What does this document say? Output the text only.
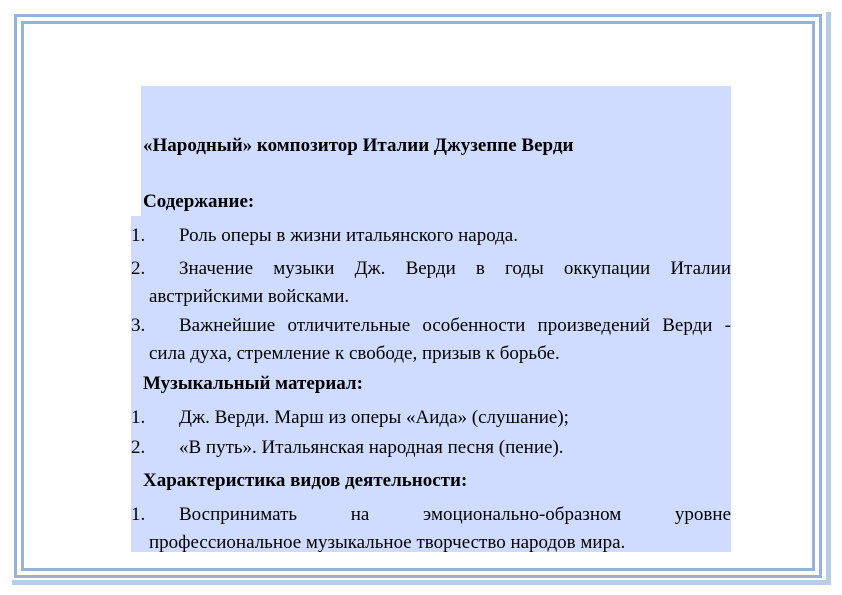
«Народный» композитор Италии Джузеппе Верди
Содержание:
1. Роль оперы в жизни итальянского народа.
2.	Значение музыки Дж. Верди в годы оккупации Италии австрийскими войсками.
3.	Важнейшие отличительные особенности произведений Верди - сила духа, стремление к свободе, призыв к борьбе.
Музыкальный материал:
1. Дж. Верди. Марш из оперы «Аида» (слушание);
2. «В путь». Итальянская народная песня (пение).
Характеристика видов деятельности:
1.	Воспринимать на эмоционально-образном уровне профессиональное музыкальное творчество народов мира.
